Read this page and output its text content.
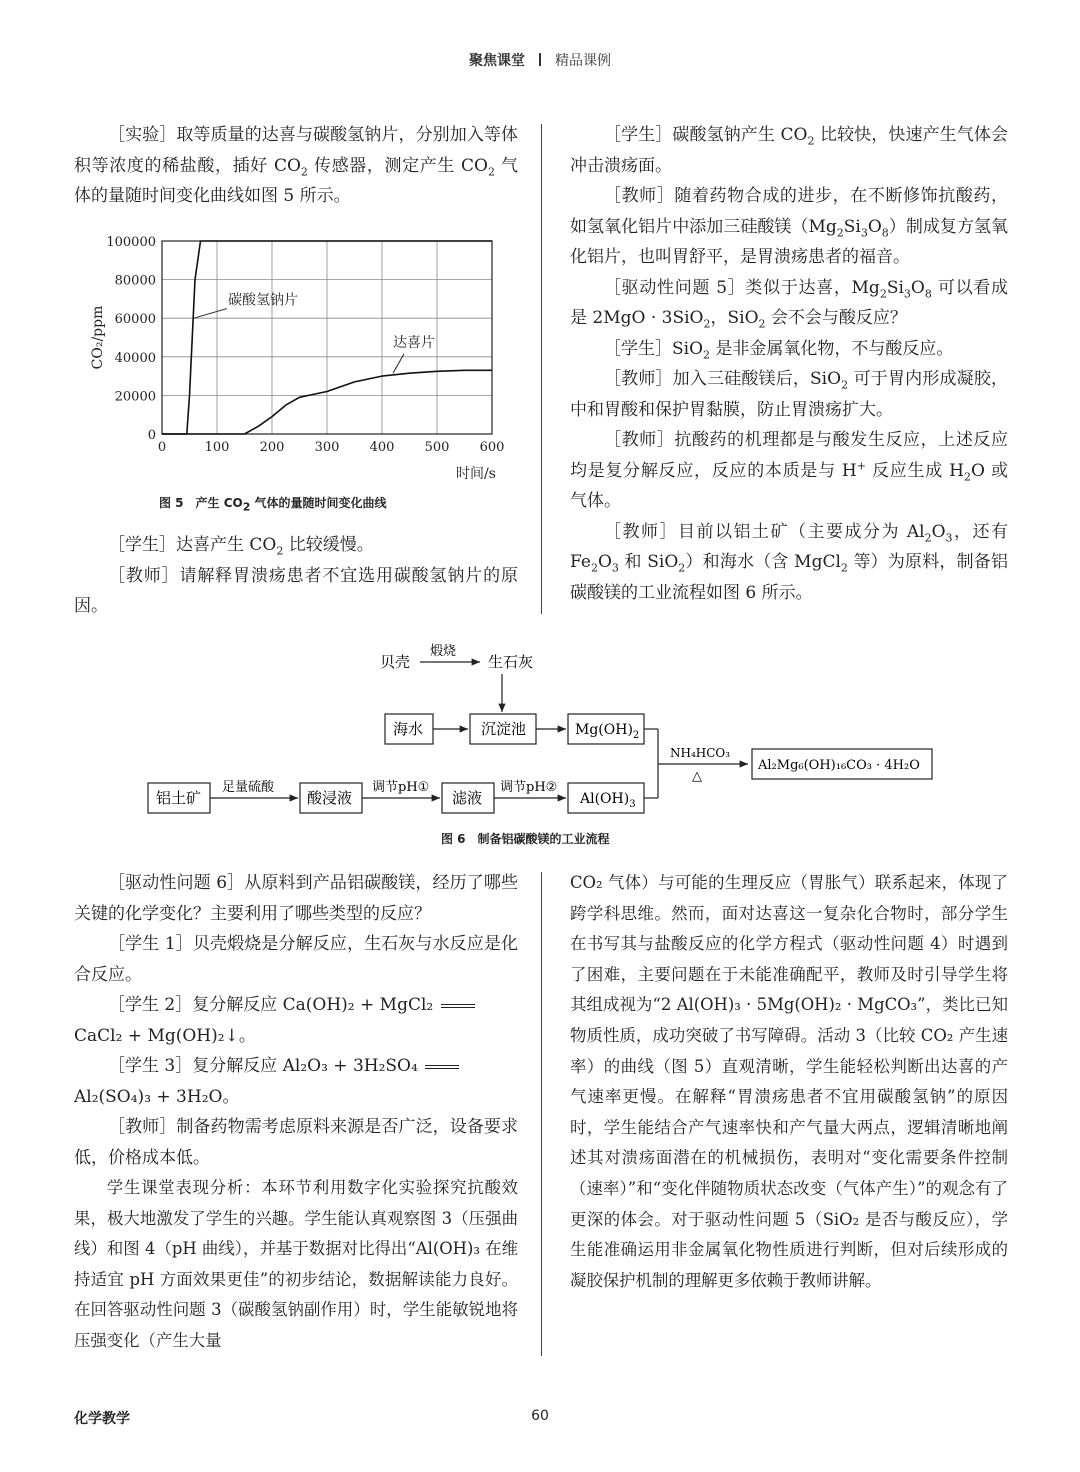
聚焦课堂 精品课例

［实验］取等质量的达喜与碳酸氢钠片，分别加入等体积等浓度的稀盐酸，插好 $CO_2$ 传感器，测定产生 $CO_2$ 气体的量随时间变化曲线如图 5 所示。

0	100 200 300 400 500 600
0
20000
40000
60000
80000
100000
碳酸氢钠片
达喜片
时间/s
CO₂/ppm
图 5　产生 $CO_2$ 气体的量随时间变化曲线

［学生］达喜产生 $CO_2$ 比较缓慢。

［教师］请解释胃溃疡患者不宜选用碳酸氢钠片的原因。

［学生］碳酸氢钠产生 $CO_2$ 比较快，快速产生气体会冲击溃疡面。

［教师］随着药物合成的进步，在不断修饰抗酸药，如氢氧化铝片中添加三硅酸镁$(Mg_2Si_3O_8)$制成复方氢氧化铝片，也叫胃舒平，是胃溃疡患者的福音。

［驱动性问题 5］类似于达喜，$Mg_2Si_3O_8$ 可以看成是 2MgO · 3SiO$_2$，SiO$_2$ 会不会与酸反应？

［学生］SiO$_2$ 是非金属氧化物，不与酸反应。

［教师］加入三硅酸镁后，SiO$_2$ 可于胃内形成凝胶，中和胃酸和保护胃黏膜，防止胃溃疡扩大。

［教师］抗酸药的机理都是与酸发生反应，上述反应均是复分解反应，反应的本质是与 H+ 反应生成 $H_2O$ 或气体。

［教师］目前以铝土矿（主要成分为 $Al_2O_3$，还有 $Fe_2O_3$ 和 SiO$_2$）和海水（含 MgCl$_2$ 等）为原料，制备铝碳酸镁的工业流程如图 6 所示。

贝壳
煅烧
生石灰
海水	沉淀池	$Mg(OH)_2$
铝土矿
足量硫酸
酸浸液
调节pH①
滤液
调节pH②
$Al(OH)_3$
NH₄HCO₃
△
Al₂Mg₆(OH)₁₆CO₃ · 4H₂O
图 6　制备铝碳酸镁的工业流程

［驱动性问题 6］从原料到产品铝碳酸镁，经历了哪些关键的化学变化？主要利用了哪些类型的反应？

［学生 1］贝壳煅烧是分解反应，生石灰与水反应是化合反应。

［学生 2］复分解反应 Ca(OH)₂ + MgCl₂

CaCl₂ + Mg(OH)₂↓。

［学生 3］复分解反应 Al₂O₃ + 3H₂SO₄

Al₂(SO₄)₃ + 3H₂O。

［教师］制备药物需考虑原料来源是否广泛，设备要求低，价格成本低。

学生课堂表现分析：本环节利用数字化实验探究抗酸效果，极大地激发了学生的兴趣。学生能认真观察图 3（压强曲线）和图 4（pH 曲线），并基于数据对比得出“Al(OH)₃ 在维持适宜 pH 方面效果更佳”的初步结论，数据解读能力良好。在回答驱动性问题 3（碳酸氢钠副作用）时，学生能敏锐地将压强变化（产生大量

CO₂ 气体）与可能的生理反应（胃胀气）联系起来，体现了跨学科思维。然而，面对达喜这一复杂化合物时，部分学生在书写其与盐酸反应的化学方程式（驱动性问题 4）时遇到了困难，主要问题在于未能准确配平，教师及时引导学生将其组成视为“2 Al(OH)₃ · 5Mg(OH)₂ · MgCO₃”，类比已知物质性质，成功突破了书写障碍。活动 3（比较 CO₂ 产生速率）的曲线（图 5）直观清晰，学生能轻松判断出达喜的产气速率更慢。在解释“胃溃疡患者不宜用碳酸氢钠”的原因时，学生能结合产气速率快和产气量大两点，逻辑清晰地阐述其对溃疡面潜在的机械损伤，表明对“变化需要条件控制（速率）”和“变化伴随物质状态改变（气体产生）”的观念有了更深的体会。对于驱动性问题 5（SiO₂ 是否与酸反应），学生能准确运用非金属氧化物性质进行判断，但对后续形成的凝胶保护机制的理解更多依赖于教师讲解。

化学教学	60
